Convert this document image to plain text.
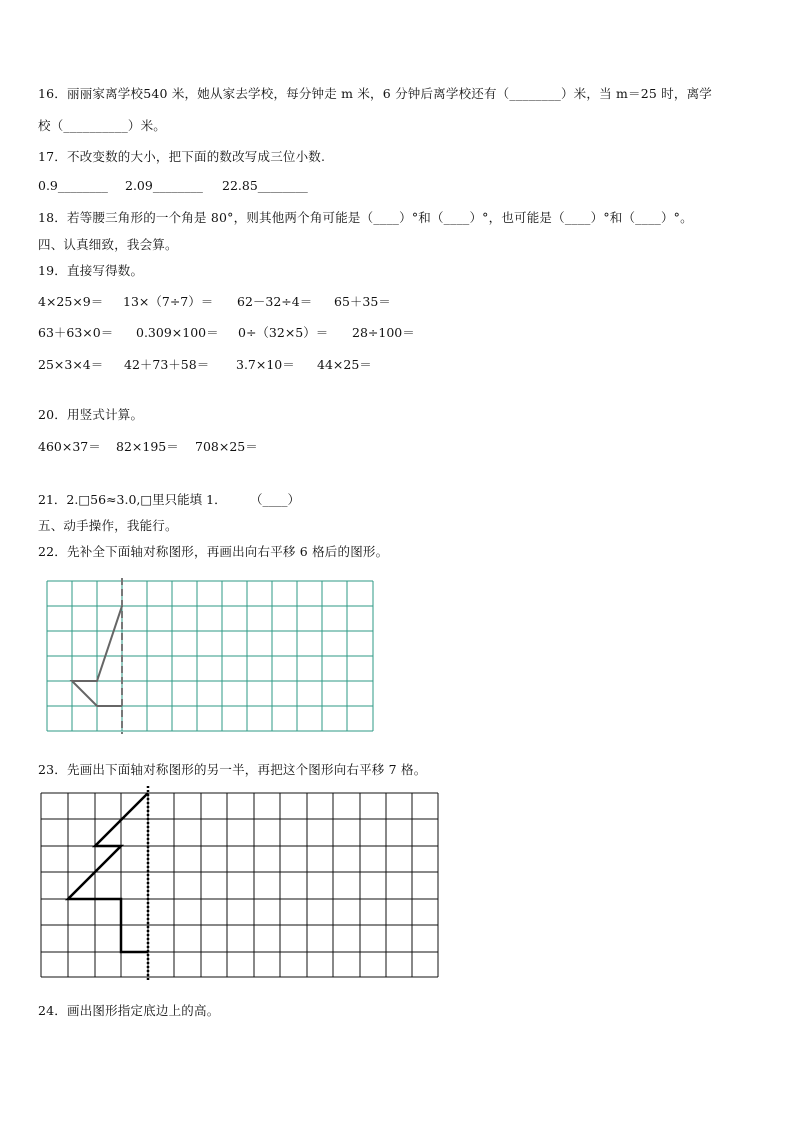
16．丽丽家离学校540 米，她从家去学校，每分钟走 m 米，6 分钟后离学校还有（________）米，当 m＝25 时，离学
校（__________）米。
17．不改变数的大小，把下面的数改写成三位小数.
0.9________ 2.09________ 22.85________
18．若等腰三角形的一个角是 80°，则其他两个角可能是（____）°和（____）°，也可能是（____）°和（____）°。
四、认真细致，我会算。
19．直接写得数。
4×25×9＝ 13×（7÷7）＝ 62－32÷4＝ 65＋35＝
63＋63×0＝ 0.309×100＝ 0÷（32×5）＝ 28÷100＝
25×3×4＝ 42＋73＋58＝ 3.7×10＝ 44×25＝
20．用竖式计算。
460×37＝ 82×195＝ 708×25＝
21．2.□56≈3.0,□里只能填 1． （____）
五、动手操作，我能行。
22．先补全下面轴对称图形，再画出向右平移 6 格后的图形。
23．先画出下面轴对称图形的另一半，再把这个图形向右平移 7 格。
24．画出图形指定底边上的高。
